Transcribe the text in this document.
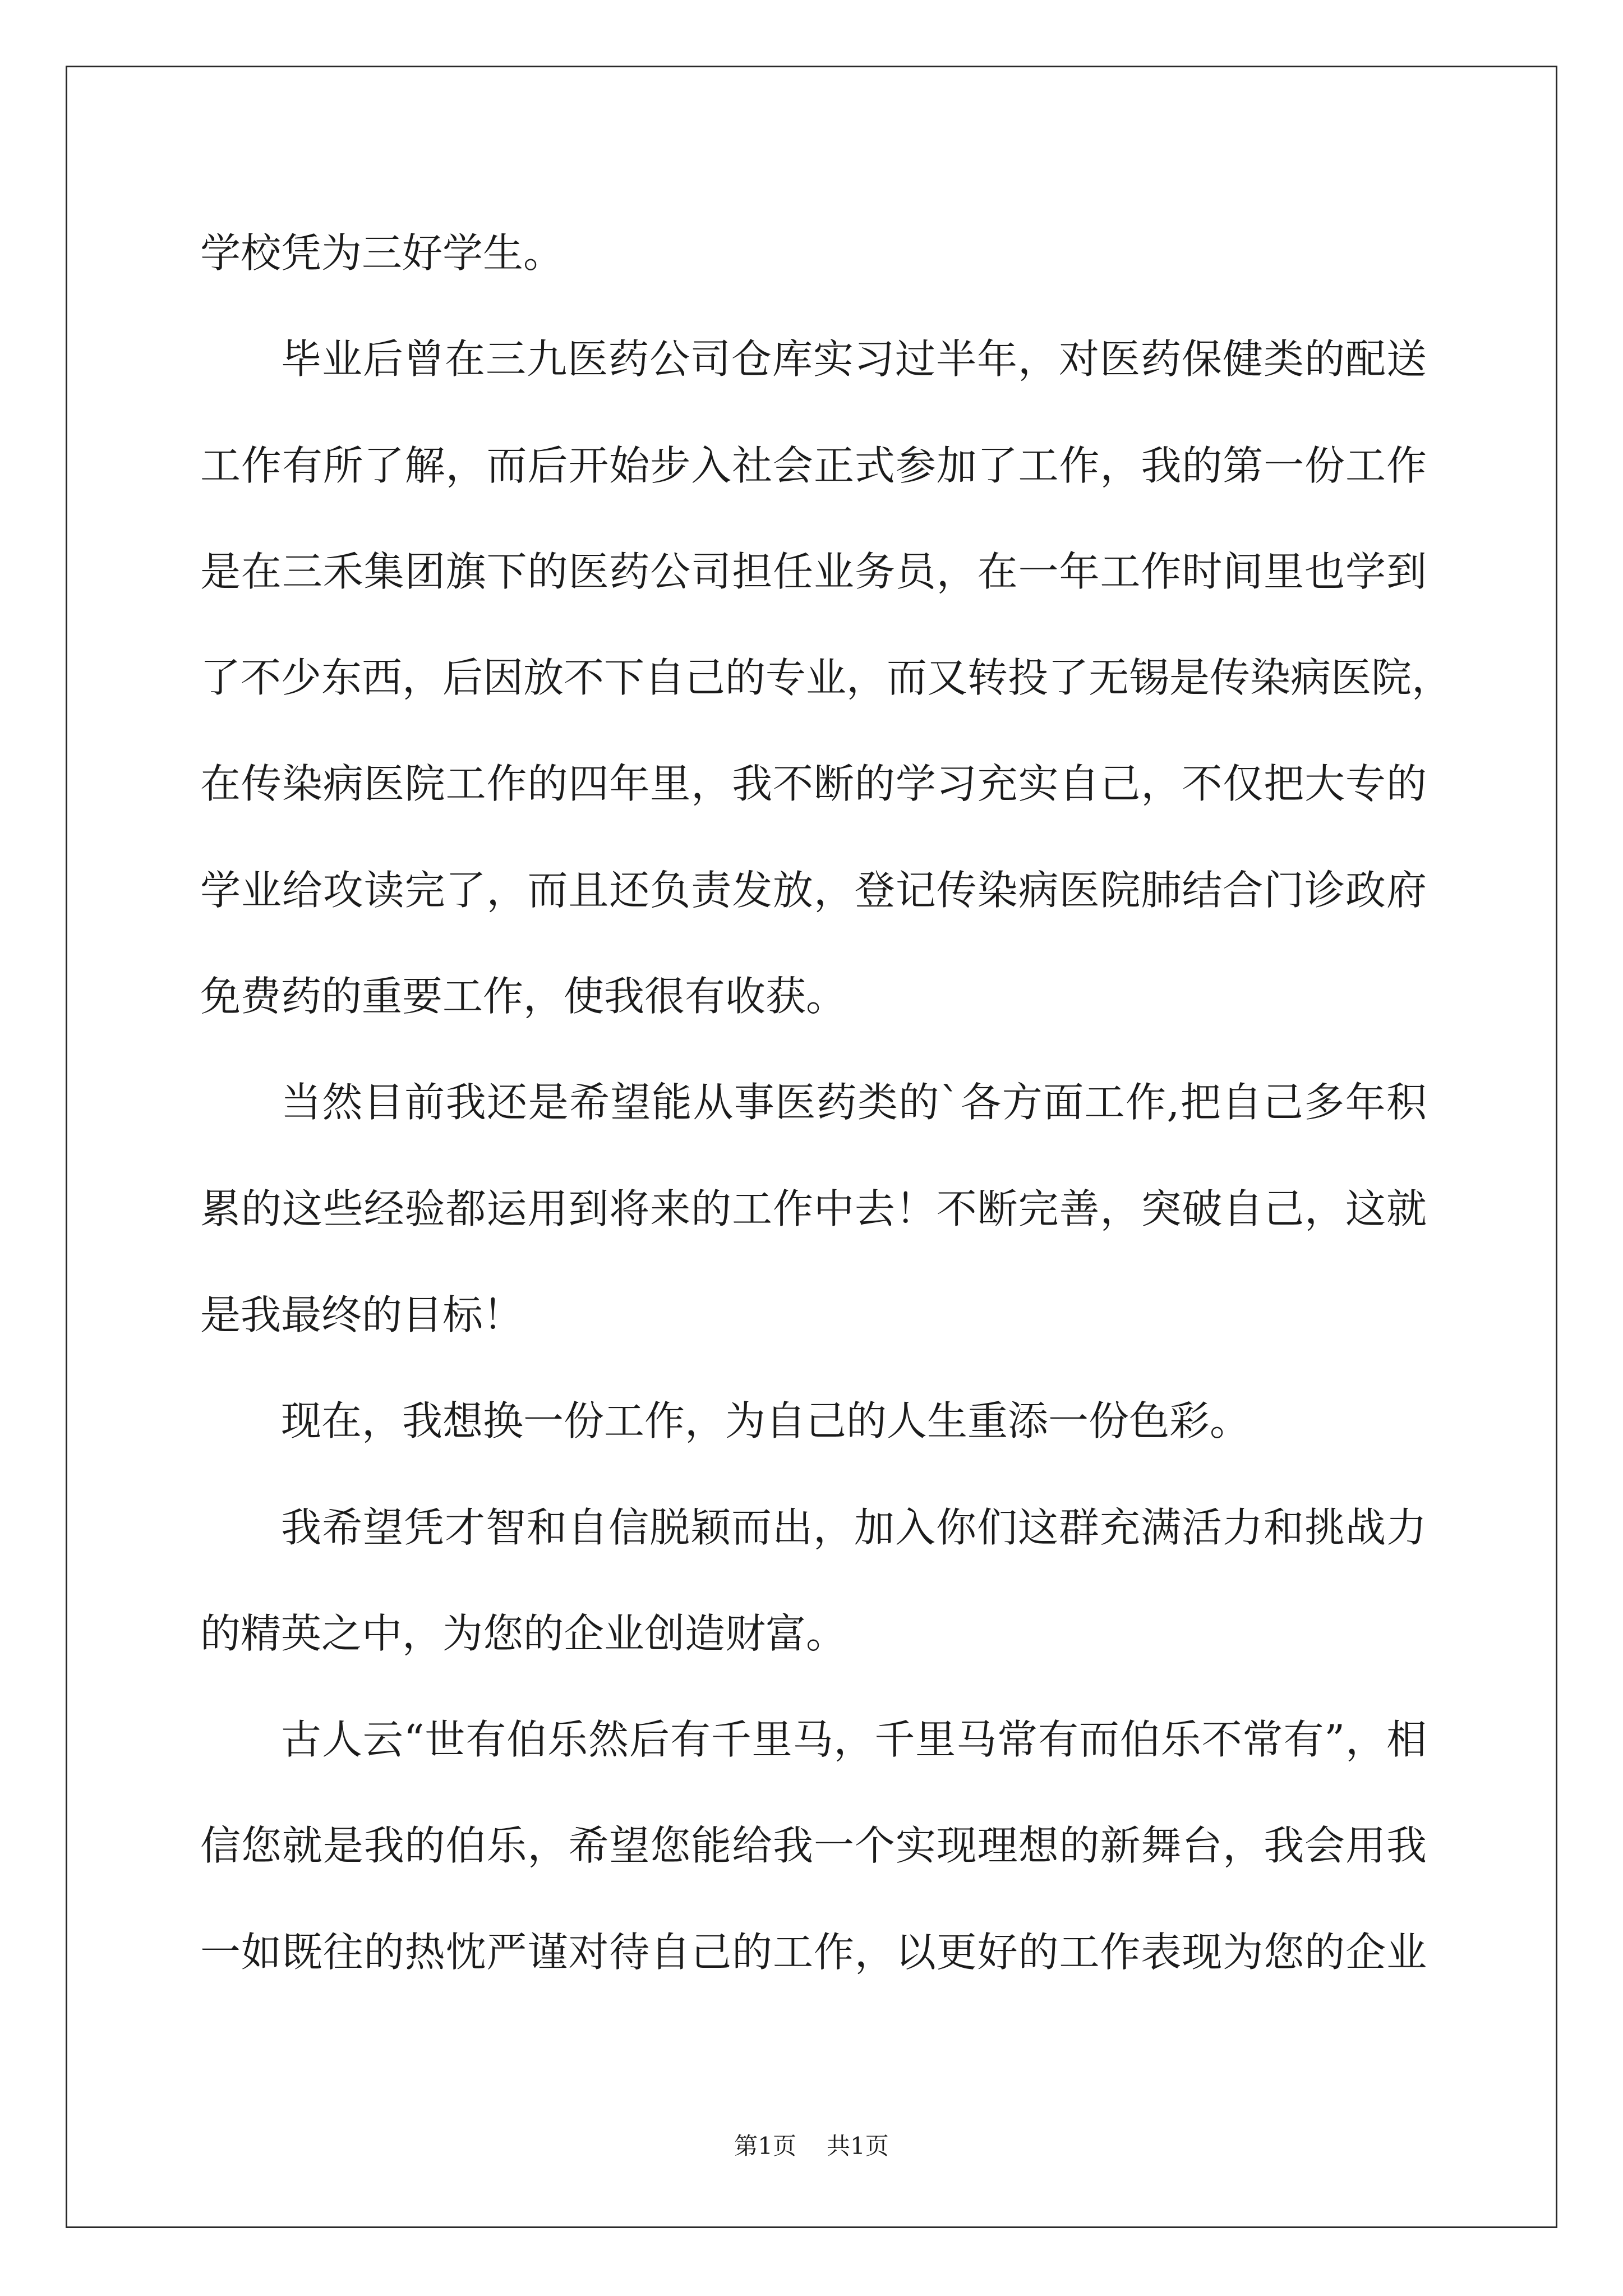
学校凭为三好学生。
毕业后曾在三九医药公司仓库实习过半年，对医药保健类的配送
工作有所了解，而后开始步入社会正式参加了工作，我的第一份工作
是在三禾集团旗下的医药公司担任业务员，在一年工作时间里也学到
了不少东西，后因放不下自己的专业，而又转投了无锡是传染病医院，
在传染病医院工作的四年里，我不断的学习充实自己，不仅把大专的
学业给攻读完了，而且还负责发放，登记传染病医院肺结合门诊政府
免费药的重要工作，使我很有收获。
当然目前我还是希望能从事医药类的`各方面工作,把自己多年积
累的这些经验都运用到将来的工作中去！不断完善，突破自己，这就
是我最终的目标！
现在，我想换一份工作，为自己的人生重添一份色彩。
我希望凭才智和自信脱颖而出，加入你们这群充满活力和挑战力
的精英之中，为您的企业创造财富。
古人云“世有伯乐然后有千里马，千里马常有而伯乐不常有”，相
信您就是我的伯乐，希望您能给我一个实现理想的新舞台，我会用我
一如既往的热忱严谨对待自己的工作，以更好的工作表现为您的企业
第1页 共1页
